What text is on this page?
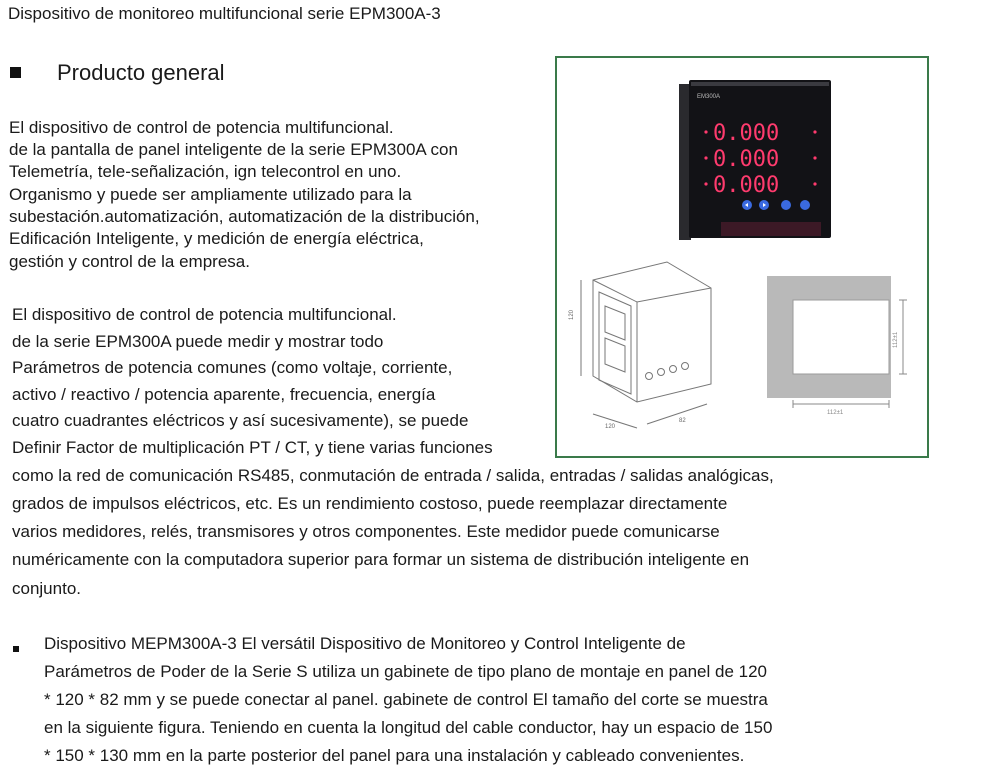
Dispositivo de monitoreo multifuncional serie EPM300A-3
Producto general
El dispositivo de control de potencia multifuncional.
de la pantalla de panel inteligente de la serie EPM300A con
Telemetría, tele-señalización, ign telecontrol en uno.
Organismo y puede ser ampliamente utilizado para la
subestación.automatización, automatización de la distribución,
Edificación Inteligente, y medición de energía eléctrica,
gestión y control de la empresa.
El dispositivo de control de potencia multifuncional.
de la serie EPM300A puede medir y mostrar todo
Parámetros de potencia comunes (como voltaje, corriente,
activo / reactivo / potencia aparente, frecuencia, energía
cuatro cuadrantes eléctricos y así sucesivamente), se puede
Definir Factor de multiplicación PT / CT, y tiene varias funciones
como la red de comunicación RS485, conmutación de entrada / salida, entradas / salidas analógicas,
grados de impulsos eléctricos, etc. Es un rendimiento costoso, puede reemplazar directamente
varios medidores, relés, transmisores y otros componentes. Este medidor puede comunicarse
numéricamente con la computadora superior para formar un sistema de distribución inteligente en
conjunto.
Dispositivo MEPM300A-3 El versátil Dispositivo de Monitoreo y Control Inteligente de
Parámetros de Poder de la Serie S utiliza un gabinete de tipo plano de montaje en panel de 120
* 120 * 82 mm y se puede conectar al panel. gabinete de control El tamaño del corte se muestra
en la siguiente figura. Teniendo en cuenta la longitud del cable conductor, hay un espacio de 150
* 150 * 130 mm en la parte posterior del panel para una instalación y cableado convenientes.
EM300A
0.000
0.000
0.000
120
120
82
112±1
112±1
